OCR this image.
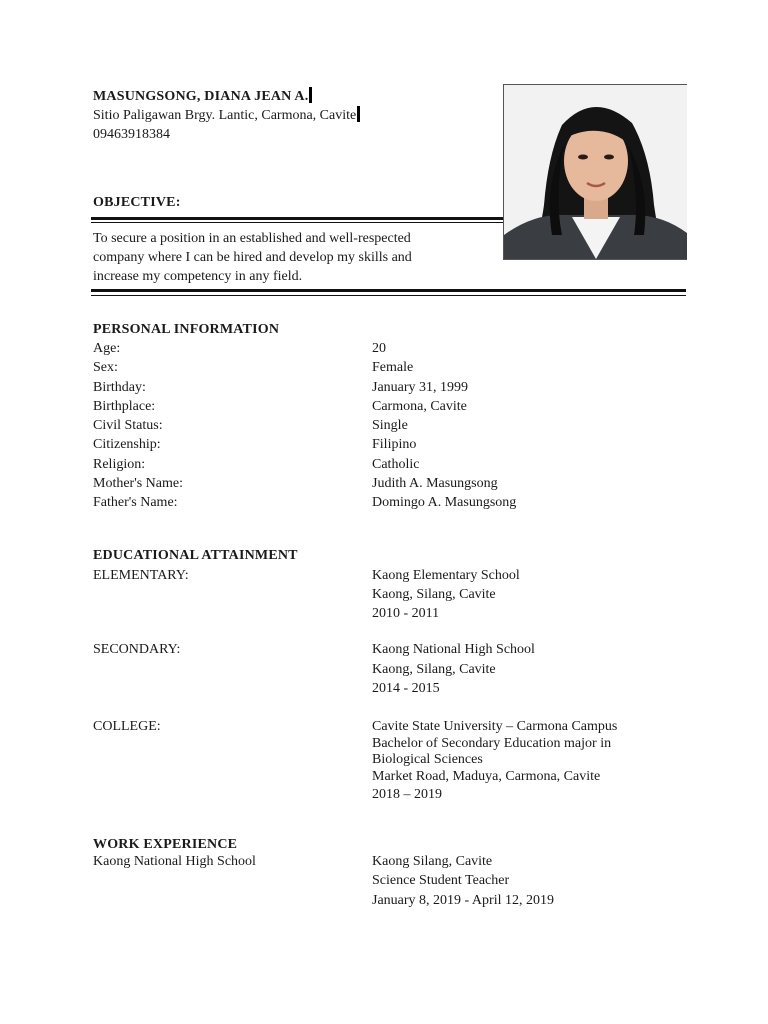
MASUNGSONG, DIANA JEAN A.
Sitio Paligawan Brgy. Lantic, Carmona, Cavite
09463918384
OBJECTIVE:
To secure a position in an established and well-respected
company where I can be hired and develop my skills and
increase my competency in any field.
PERSONAL INFORMATION
Age:	20
Sex:	Female
Birthday:	January 31, 1999
Birthplace:	Carmona, Cavite
Civil Status:	Single
Citizenship:	Filipino
Religion:	Catholic
Mother's Name:	Judith A. Masungsong
Father's Name:	Domingo A. Masungsong
EDUCATIONAL ATTAINMENT
ELEMENTARY:	Kaong Elementary School
Kaong, Silang, Cavite
2010 - 2011
SECONDARY:	Kaong National High School
Kaong, Silang, Cavite
2014 - 2015
COLLEGE:	Cavite State University – Carmona Campus
Bachelor of Secondary Education major in
Biological Sciences
Market Road, Maduya, Carmona, Cavite
2018 – 2019
WORK EXPERIENCE
Kaong National High School	Kaong Silang, Cavite
Science Student Teacher
January 8, 2019 - April 12, 2019
